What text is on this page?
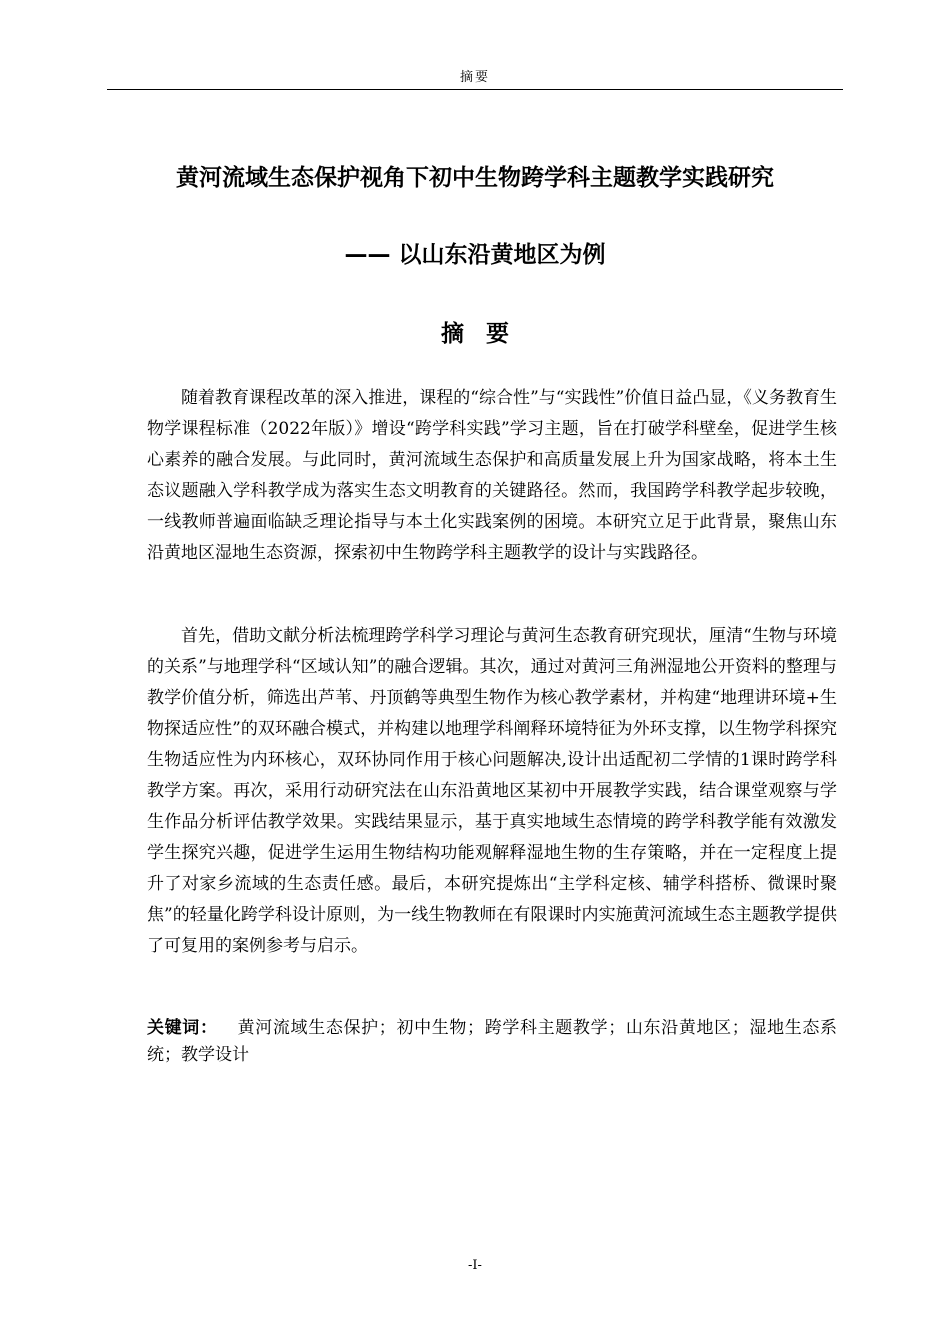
摘要
黄河流域生态保护视角下初中生物跨学科主题教学实践研究
—— 以山东沿黄地区为例
摘要

随着教育课程改革的深入推进，课程的“综合性”与“实践性”价值日益凸显，《义务教育生物学课程标准（2022年版）》增设“跨学科实践”学习主题，旨在打破学科壁垒，促进学生核心素养的融合发展。与此同时，黄河流域生态保护和高质量发展上升为国家战略，将本土生态议题融入学科教学成为落实生态文明教育的关键路径。然而，我国跨学科教学起步较晚，一线教师普遍面临缺乏理论指导与本土化实践案例的困境。本研究立足于此背景，聚焦山东沿黄地区湿地生态资源，探索初中生物跨学科主题教学的设计与实践路径。

首先，借助文献分析法梳理跨学科学习理论与黄河生态教育研究现状，厘清“生物与环境的关系”与地理学科“区域认知”的融合逻辑。其次，通过对黄河三角洲湿地公开资料的整理与教学价值分析，筛选出芦苇、丹顶鹤等典型生物作为核心教学素材，并构建“地理讲环境+生物探适应性”的双环融合模式，并构建以地理学科阐释环境特征为外环支撑，以生物学科探究生物适应性为内环核心，双环协同作用于核心问题解决,设计出适配初二学情的1课时跨学科教学方案。再次，采用行动研究法在山东沿黄地区某初中开展教学实践，结合课堂观察与学生作品分析评估教学效果。实践结果显示，基于真实地域生态情境的跨学科教学能有效激发学生探究兴趣，促进学生运用生物结构功能观解释湿地生物的生存策略，并在一定程度上提升了对家乡流域的生态责任感。最后，本研究提炼出“主学科定核、辅学科搭桥、微课时聚焦”的轻量化跨学科设计原则，为一线生物教师在有限课时内实施黄河流域生态主题教学提供了可复用的案例参考与启示。

关键词： 黄河流域生态保护；初中生物；跨学科主题教学；山东沿黄地区；湿地生态系统；教学设计

-I-
